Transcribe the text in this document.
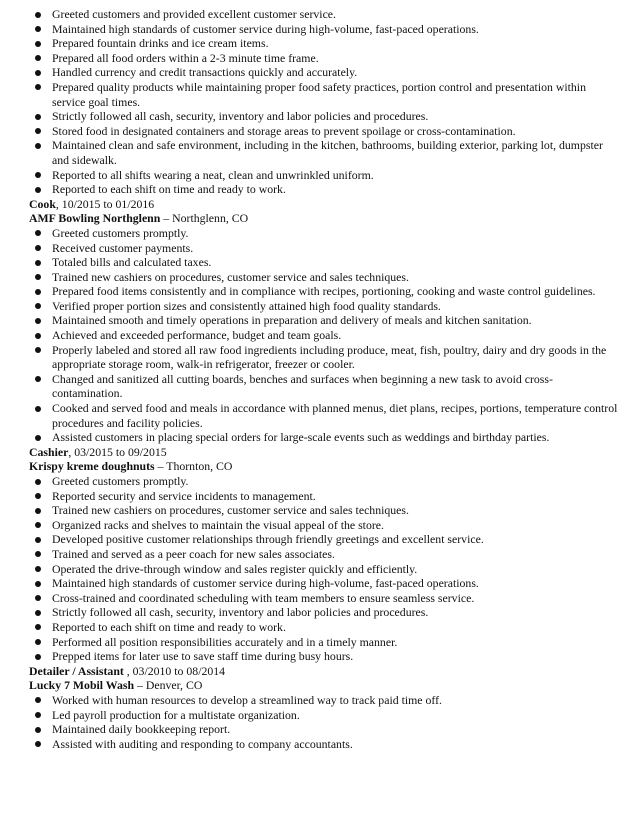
Greeted customers and provided excellent customer service.
Maintained high standards of customer service during high-volume, fast-paced operations.
Prepared fountain drinks and ice cream items.
Prepared all food orders within a 2-3 minute time frame.
Handled currency and credit transactions quickly and accurately.
Prepared quality products while maintaining proper food safety practices, portion control and presentation within service goal times.
Strictly followed all cash, security, inventory and labor policies and procedures.
Stored food in designated containers and storage areas to prevent spoilage or cross-contamination.
Maintained clean and safe environment, including in the kitchen, bathrooms, building exterior, parking lot, dumpster and sidewalk.
Reported to all shifts wearing a neat, clean and unwrinkled uniform.
Reported to each shift on time and ready to work.
Cook, 10/2015 to 01/2016
AMF Bowling Northglenn – Northglenn, CO
Greeted customers promptly.
Received customer payments.
Totaled bills and calculated taxes.
Trained new cashiers on procedures, customer service and sales techniques.
Prepared food items consistently and in compliance with recipes, portioning, cooking and waste control guidelines.
Verified proper portion sizes and consistently attained high food quality standards.
Maintained smooth and timely operations in preparation and delivery of meals and kitchen sanitation.
Achieved and exceeded performance, budget and team goals.
Properly labeled and stored all raw food ingredients including produce, meat, fish, poultry, dairy and dry goods in the appropriate storage room, walk-in refrigerator, freezer or cooler.
Changed and sanitized all cutting boards, benches and surfaces when beginning a new task to avoid cross-contamination.
Cooked and served food and meals in accordance with planned menus, diet plans, recipes, portions, temperature control procedures and facility policies.
Assisted customers in placing special orders for large-scale events such as weddings and birthday parties.
Cashier, 03/2015 to 09/2015
Krispy kreme doughnuts – Thornton, CO
Greeted customers promptly.
Reported security and service incidents to management.
Trained new cashiers on procedures, customer service and sales techniques.
Organized racks and shelves to maintain the visual appeal of the store.
Developed positive customer relationships through friendly greetings and excellent service.
Trained and served as a peer coach for new sales associates.
Operated the drive-through window and sales register quickly and efficiently.
Maintained high standards of customer service during high-volume, fast-paced operations.
Cross-trained and coordinated scheduling with team members to ensure seamless service.
Strictly followed all cash, security, inventory and labor policies and procedures.
Reported to each shift on time and ready to work.
Performed all position responsibilities accurately and in a timely manner.
Prepped items for later use to save staff time during busy hours.
Detailer / Assistant , 03/2010 to 08/2014
Lucky 7 Mobil Wash – Denver, CO
Worked with human resources to develop a streamlined way to track paid time off.
Led payroll production for a multistate organization.
Maintained daily bookkeeping report.
Assisted with auditing and responding to company accountants.
